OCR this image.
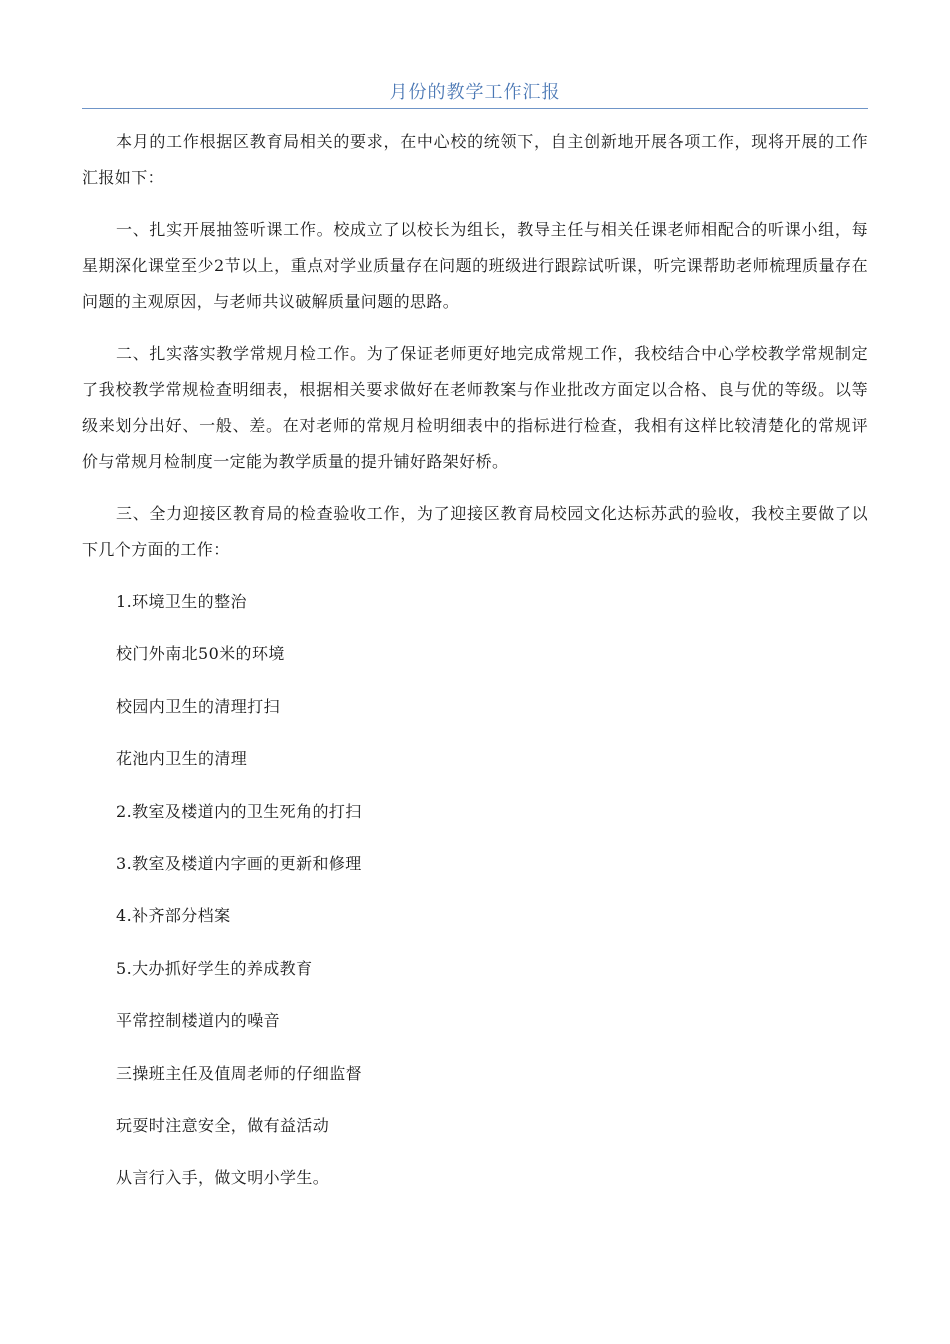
月份的教学工作汇报

本月的工作根据区教育局相关的要求，在中心校的统领下，自主创新地开展各项工作，现将开展的工作汇报如下：

一、扎实开展抽签听课工作。校成立了以校长为组长，教导主任与相关任课老师相配合的听课小组，每星期深化课堂至少2节以上，重点对学业质量存在问题的班级进行跟踪试听课，听完课帮助老师梳理质量存在问题的主观原因，与老师共议破解质量问题的思路。

二、扎实落实教学常规月检工作。为了保证老师更好地完成常规工作，我校结合中心学校教学常规制定了我校教学常规检查明细表，根据相关要求做好在老师教案与作业批改方面定以合格、良与优的等级。以等级来划分出好、一般、差。在对老师的常规月检明细表中的指标进行检查，我相有这样比较清楚化的常规评价与常规月检制度一定能为教学质量的提升铺好路架好桥。

三、全力迎接区教育局的检查验收工作，为了迎接区教育局校园文化达标苏武的验收，我校主要做了以下几个方面的工作：

1.环境卫生的整治

校门外南北50米的环境

校园内卫生的清理打扫

花池内卫生的清理

2.教室及楼道内的卫生死角的打扫

3.教室及楼道内字画的更新和修理

4.补齐部分档案

5.大办抓好学生的养成教育

平常控制楼道内的噪音

三操班主任及值周老师的仔细监督

玩耍时注意安全，做有益活动

从言行入手，做文明小学生。
